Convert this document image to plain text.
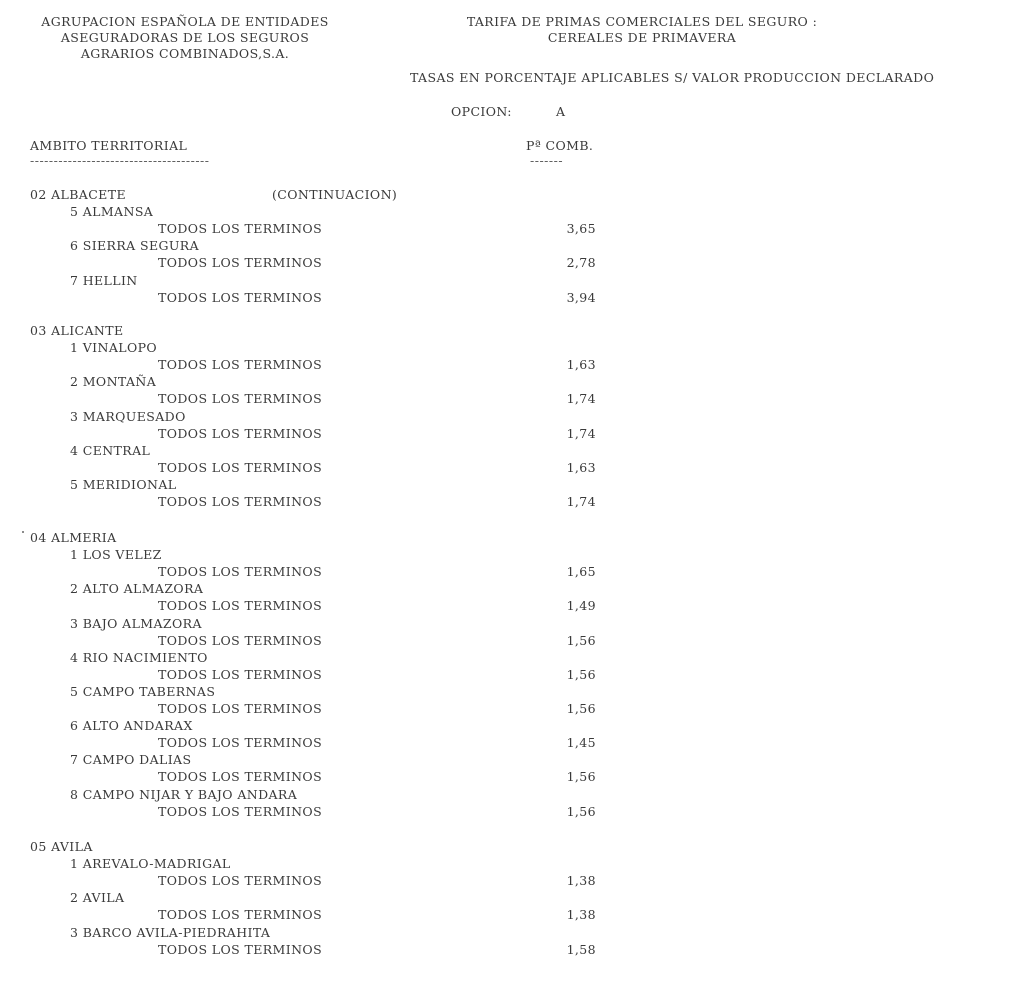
AGRUPACION ESPAÑOLA DE ENTIDADES
ASEGURADORAS DE LOS SEGUROS
AGRARIOS COMBINADOS,S.A.
TARIFA DE PRIMAS COMERCIALES DEL SEGURO :
CEREALES DE PRIMAVERA
TASAS EN PORCENTAJE APLICABLES S/ VALOR PRODUCCION DECLARADO
OPCION:	A
AMBITO TERRITORIAL
--------------------------------------
Pª COMB.
-------
02 ALBACETE	(CONTINUACION)
5 ALMANSA
TODOS LOS TERMINOS	3,65
6 SIERRA SEGURA
TODOS LOS TERMINOS	2,78
7 HELLIN
TODOS LOS TERMINOS	3,94
03 ALICANTE
1 VINALOPO
TODOS LOS TERMINOS	1,63
2 MONTAÑA
TODOS LOS TERMINOS	1,74
3 MARQUESADO
TODOS LOS TERMINOS	1,74
4 CENTRAL
TODOS LOS TERMINOS	1,63
5 MERIDIONAL
TODOS LOS TERMINOS	1,74
04 ALMERIA
1 LOS VELEZ
TODOS LOS TERMINOS	1,65
2 ALTO ALMAZORA
TODOS LOS TERMINOS	1,49
3 BAJO ALMAZORA
TODOS LOS TERMINOS	1,56
4 RIO NACIMIENTO
TODOS LOS TERMINOS	1,56
5 CAMPO TABERNAS
TODOS LOS TERMINOS	1,56
6 ALTO ANDARAX
TODOS LOS TERMINOS	1,45
7 CAMPO DALIAS
TODOS LOS TERMINOS	1,56
8 CAMPO NIJAR Y BAJO ANDARA
TODOS LOS TERMINOS	1,56
05 AVILA
1 AREVALO-MADRIGAL
TODOS LOS TERMINOS	1,38
2 AVILA
TODOS LOS TERMINOS	1,38
3 BARCO AVILA-PIEDRAHITA
TODOS LOS TERMINOS	1,58
